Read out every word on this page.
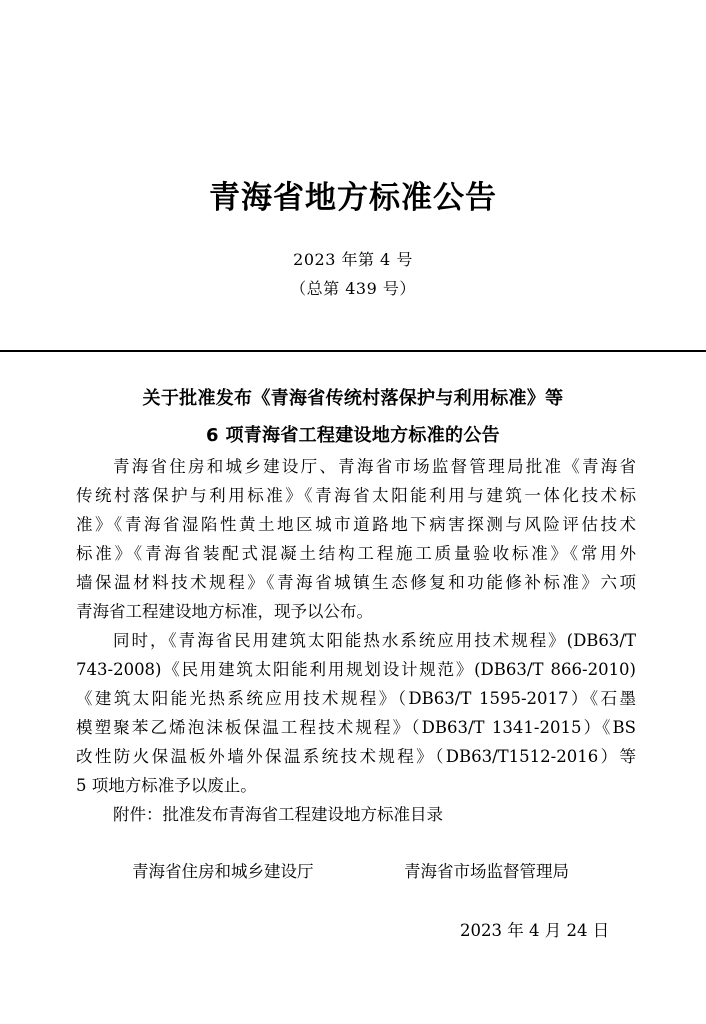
青海省地方标准公告
2023 年第 4 号
（总第 439 号）
关于批准发布《青海省传统村落保护与利用标准》等
6 项青海省工程建设地方标准的公告
青海省住房和城乡建设厅、青海省市场监督管理局批准《青海省
传统村落保护与利用标准》《青海省太阳能利用与建筑一体化技术标
准》《青海省湿陷性黄土地区城市道路地下病害探测与风险评估技术
标准》《青海省装配式混凝土结构工程施工质量验收标准》《常用外
墙保温材料技术规程》《青海省城镇生态修复和功能修补标准》六项
青海省工程建设地方标准，现予以公布。
同时，《青海省民用建筑太阳能热水系统应用技术规程》(DB63/T
743-2008)《民用建筑太阳能利用规划设计规范》(DB63/T 866-2010)
《建筑太阳能光热系统应用技术规程》（DB63/T 1595-2017）《石墨
模塑聚苯乙烯泡沫板保温工程技术规程》（DB63/T 1341-2015）《BS
改性防火保温板外墙外保温系统技术规程》（DB63/T1512-2016）等
5 项地方标准予以废止。
附件：批准发布青海省工程建设地方标准目录
青海省住房和城乡建设厅	青海省市场监督管理局
2023 年 4 月 24 日
